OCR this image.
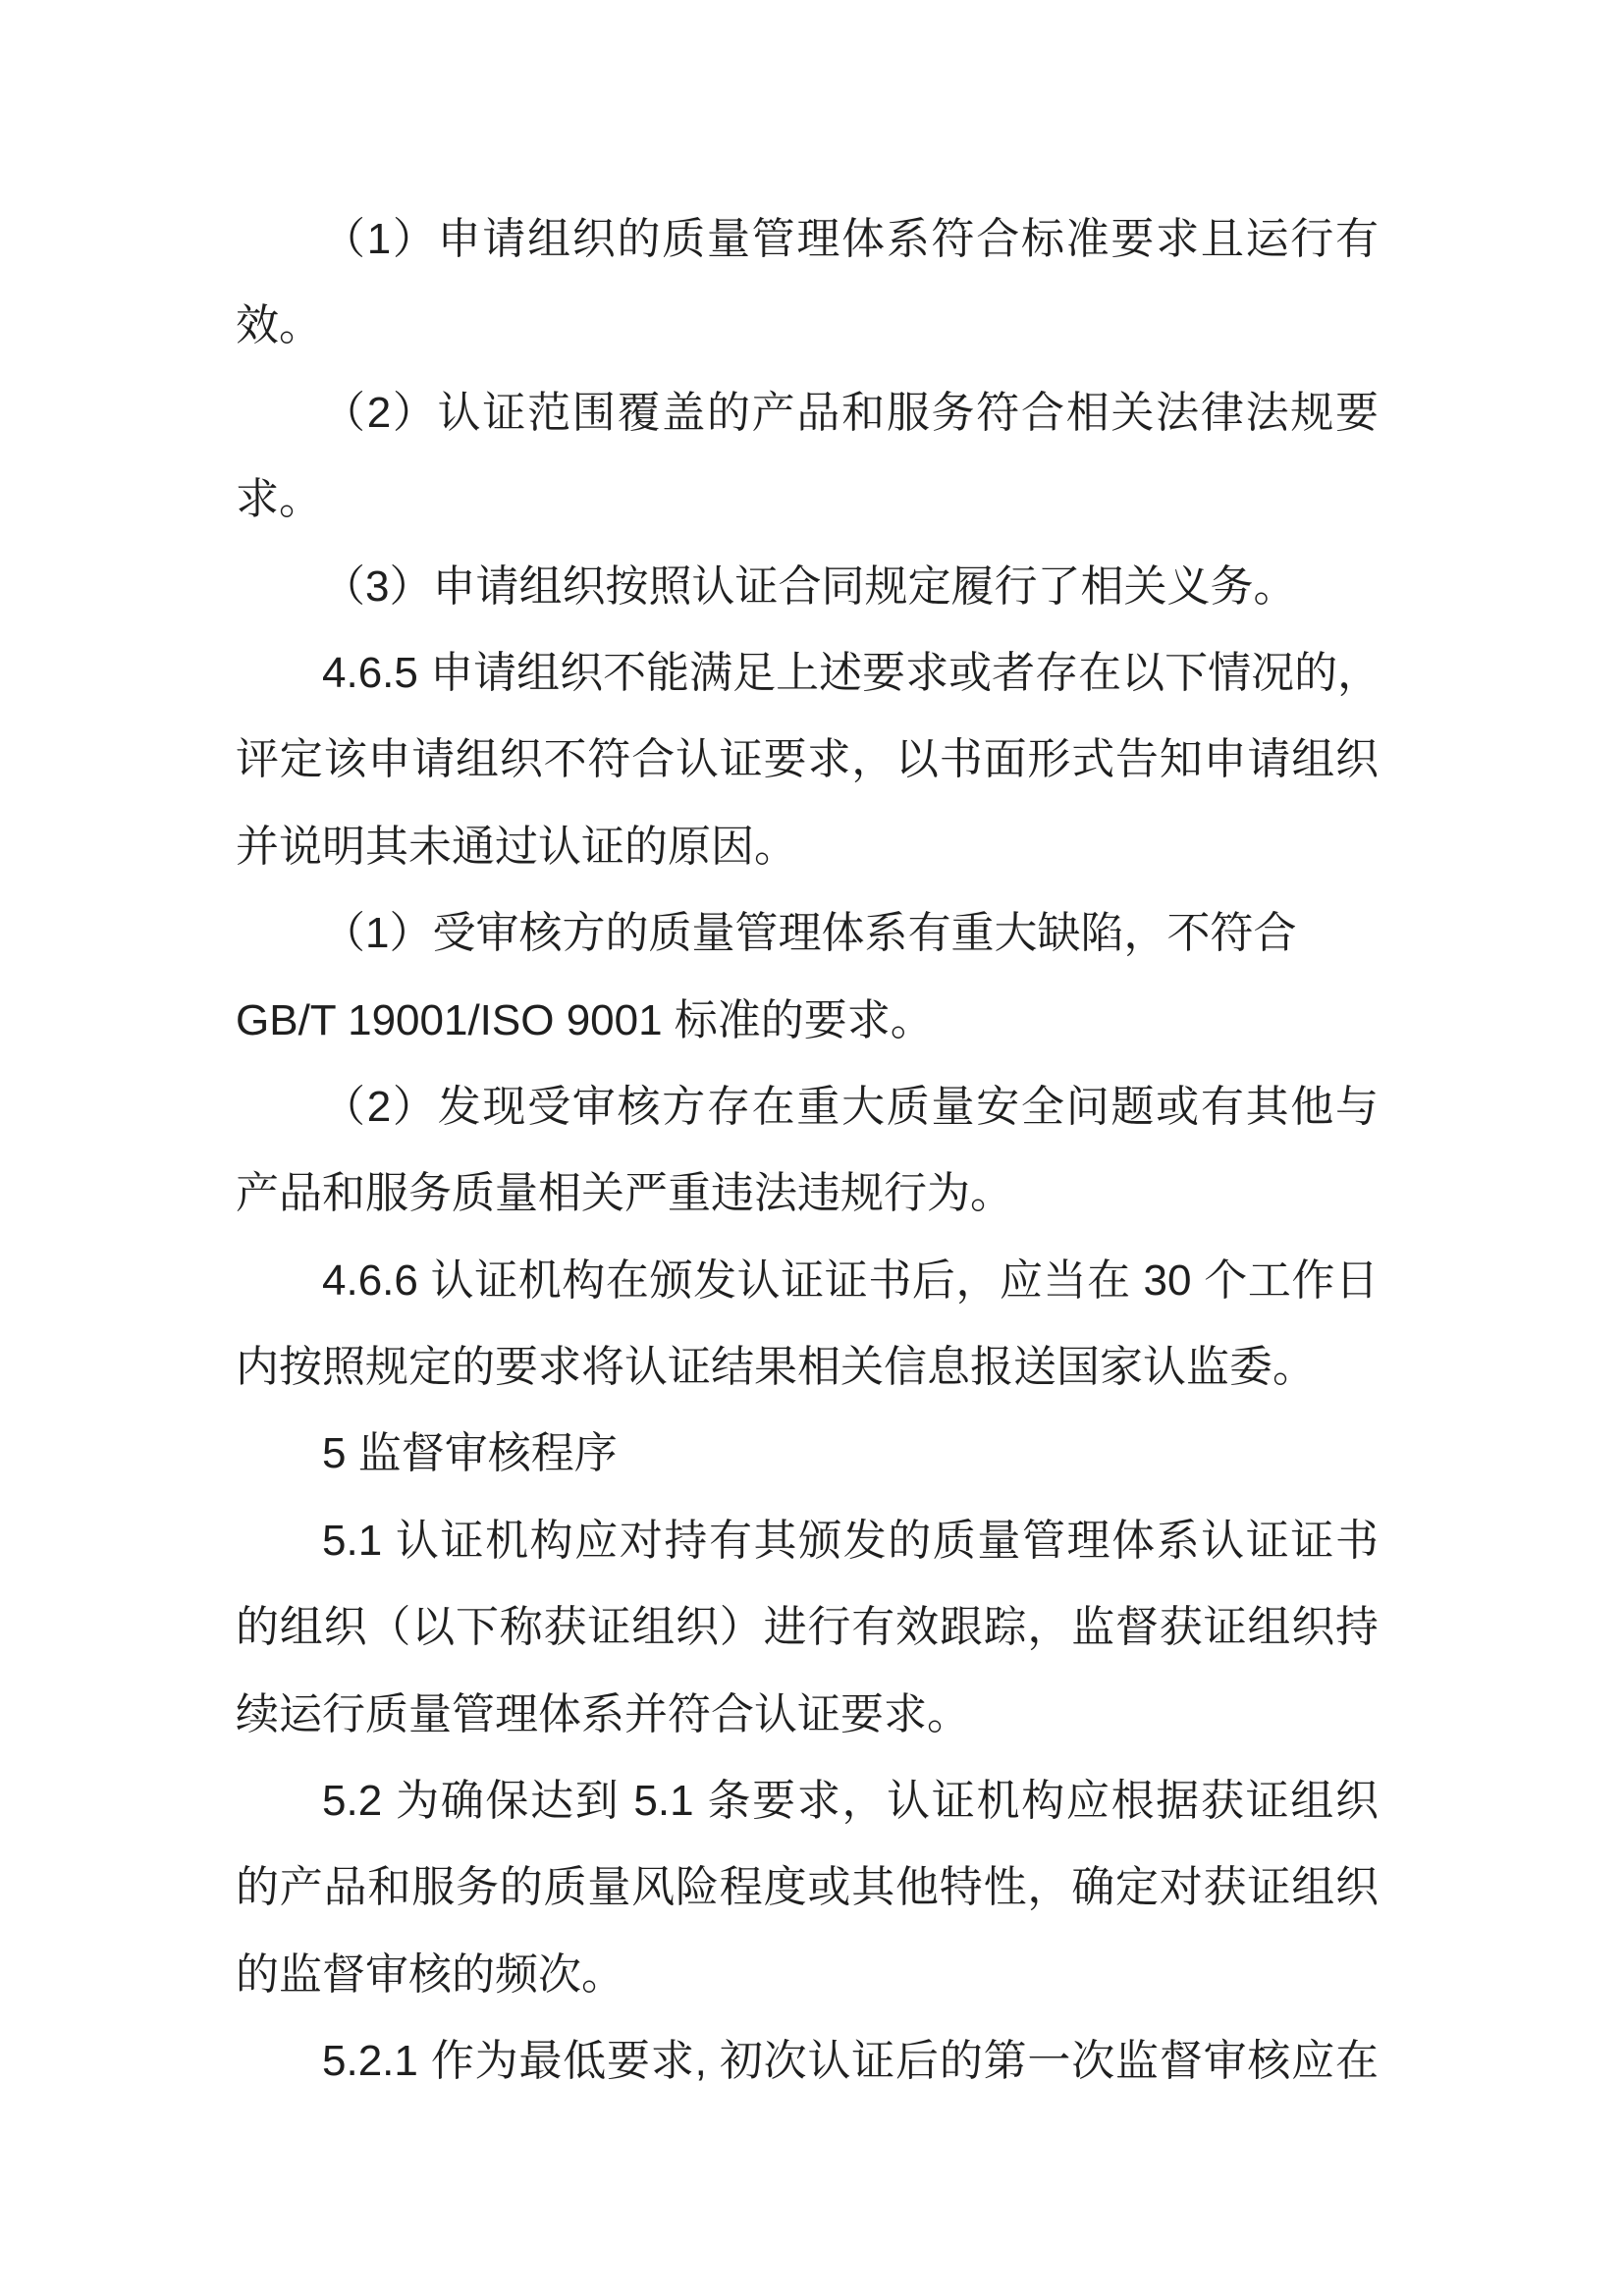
（1）申请组织的质量管理体系符合标准要求且运行有
效。
（2）认证范围覆盖的产品和服务符合相关法律法规要
求。
（3）申请组织按照认证合同规定履行了相关义务。
4.6.5 申请组织不能满足上述要求或者存在以下情况的，
评定该申请组织不符合认证要求，以书面形式告知申请组织
并说明其未通过认证的原因。
（1）受审核方的质量管理体系有重大缺陷，不符合
GB/T 19001/ISO 9001 标准的要求。
（2）发现受审核方存在重大质量安全问题或有其他与
产品和服务质量相关严重违法违规行为。
4.6.6 认证机构在颁发认证证书后，应当在 30 个工作日
内按照规定的要求将认证结果相关信息报送国家认监委。
5 监督审核程序
5.1 认证机构应对持有其颁发的质量管理体系认证证书
的组织（以下称获证组织）进行有效跟踪，监督获证组织持
续运行质量管理体系并符合认证要求。
5.2 为确保达到 5.1 条要求，认证机构应根据获证组织
的产品和服务的质量风险程度或其他特性，确定对获证组织
的监督审核的频次。
5.2.1 作为最低要求, 初次认证后的第一次监督审核应在
